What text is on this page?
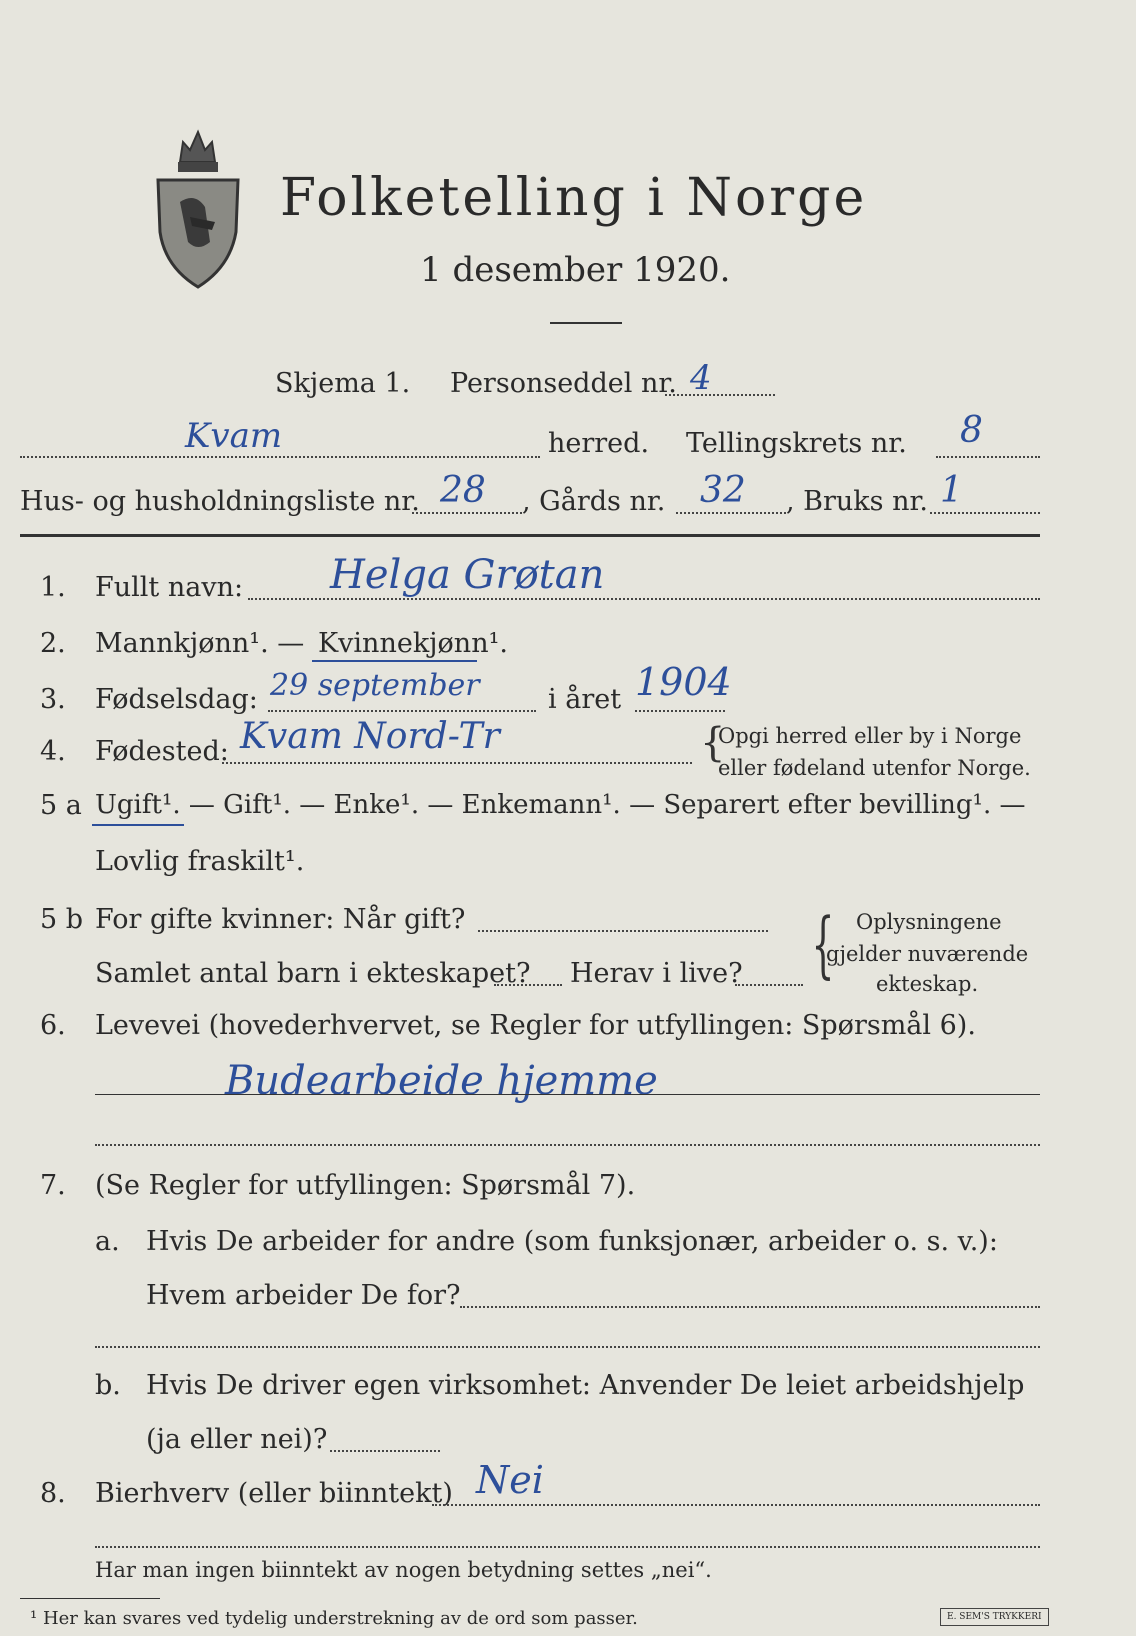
Folketelling i Norge
1 desember 1920.
Skjema 1. Personseddel nr. 4
Kvam	herred. Tellingskrets nr. 8
Hus- og husholdningsliste nr. 28 , Gårds nr. 32 , Bruks nr. 1
1. Fullt navn: Helga Grøtan
2. Mannkjønn¹. — Kvinnekjønn¹.
3. Fødselsdag: 29 september	i året 1904
4. Fødested: Kvam Nord-Tr	{
Opgi herred eller by i Norge
eller fødeland utenfor Norge.
5 a Ugift¹. — Gift¹. — Enke¹. — Enkemann¹. — Separert efter bevilling¹. —
Lovlig fraskilt¹.
5 b For gifte kvinner: Når gift?
Samlet antal barn i ekteskapet? Herav i live? { Oplysningene
gjelder nuværende
ekteskap.
6. Levevei (hovederhvervet, se Regler for utfyllingen: Spørsmål 6).
Budearbeide hjemme
7. (Se Regler for utfyllingen: Spørsmål 7).
a. Hvis De arbeider for andre (som funksjonær, arbeider o. s. v.):
Hvem arbeider De for?
b. Hvis De driver egen virksomhet: Anvender De leiet arbeidshjelp
(ja eller nei)?
8. Bierhverv (eller biinntekt) Nei
Har man ingen biinntekt av nogen betydning settes „nei“.
¹ Her kan svares ved tydelig understrekning av de ord som passer.	E. SEM'S TRYKKERI
